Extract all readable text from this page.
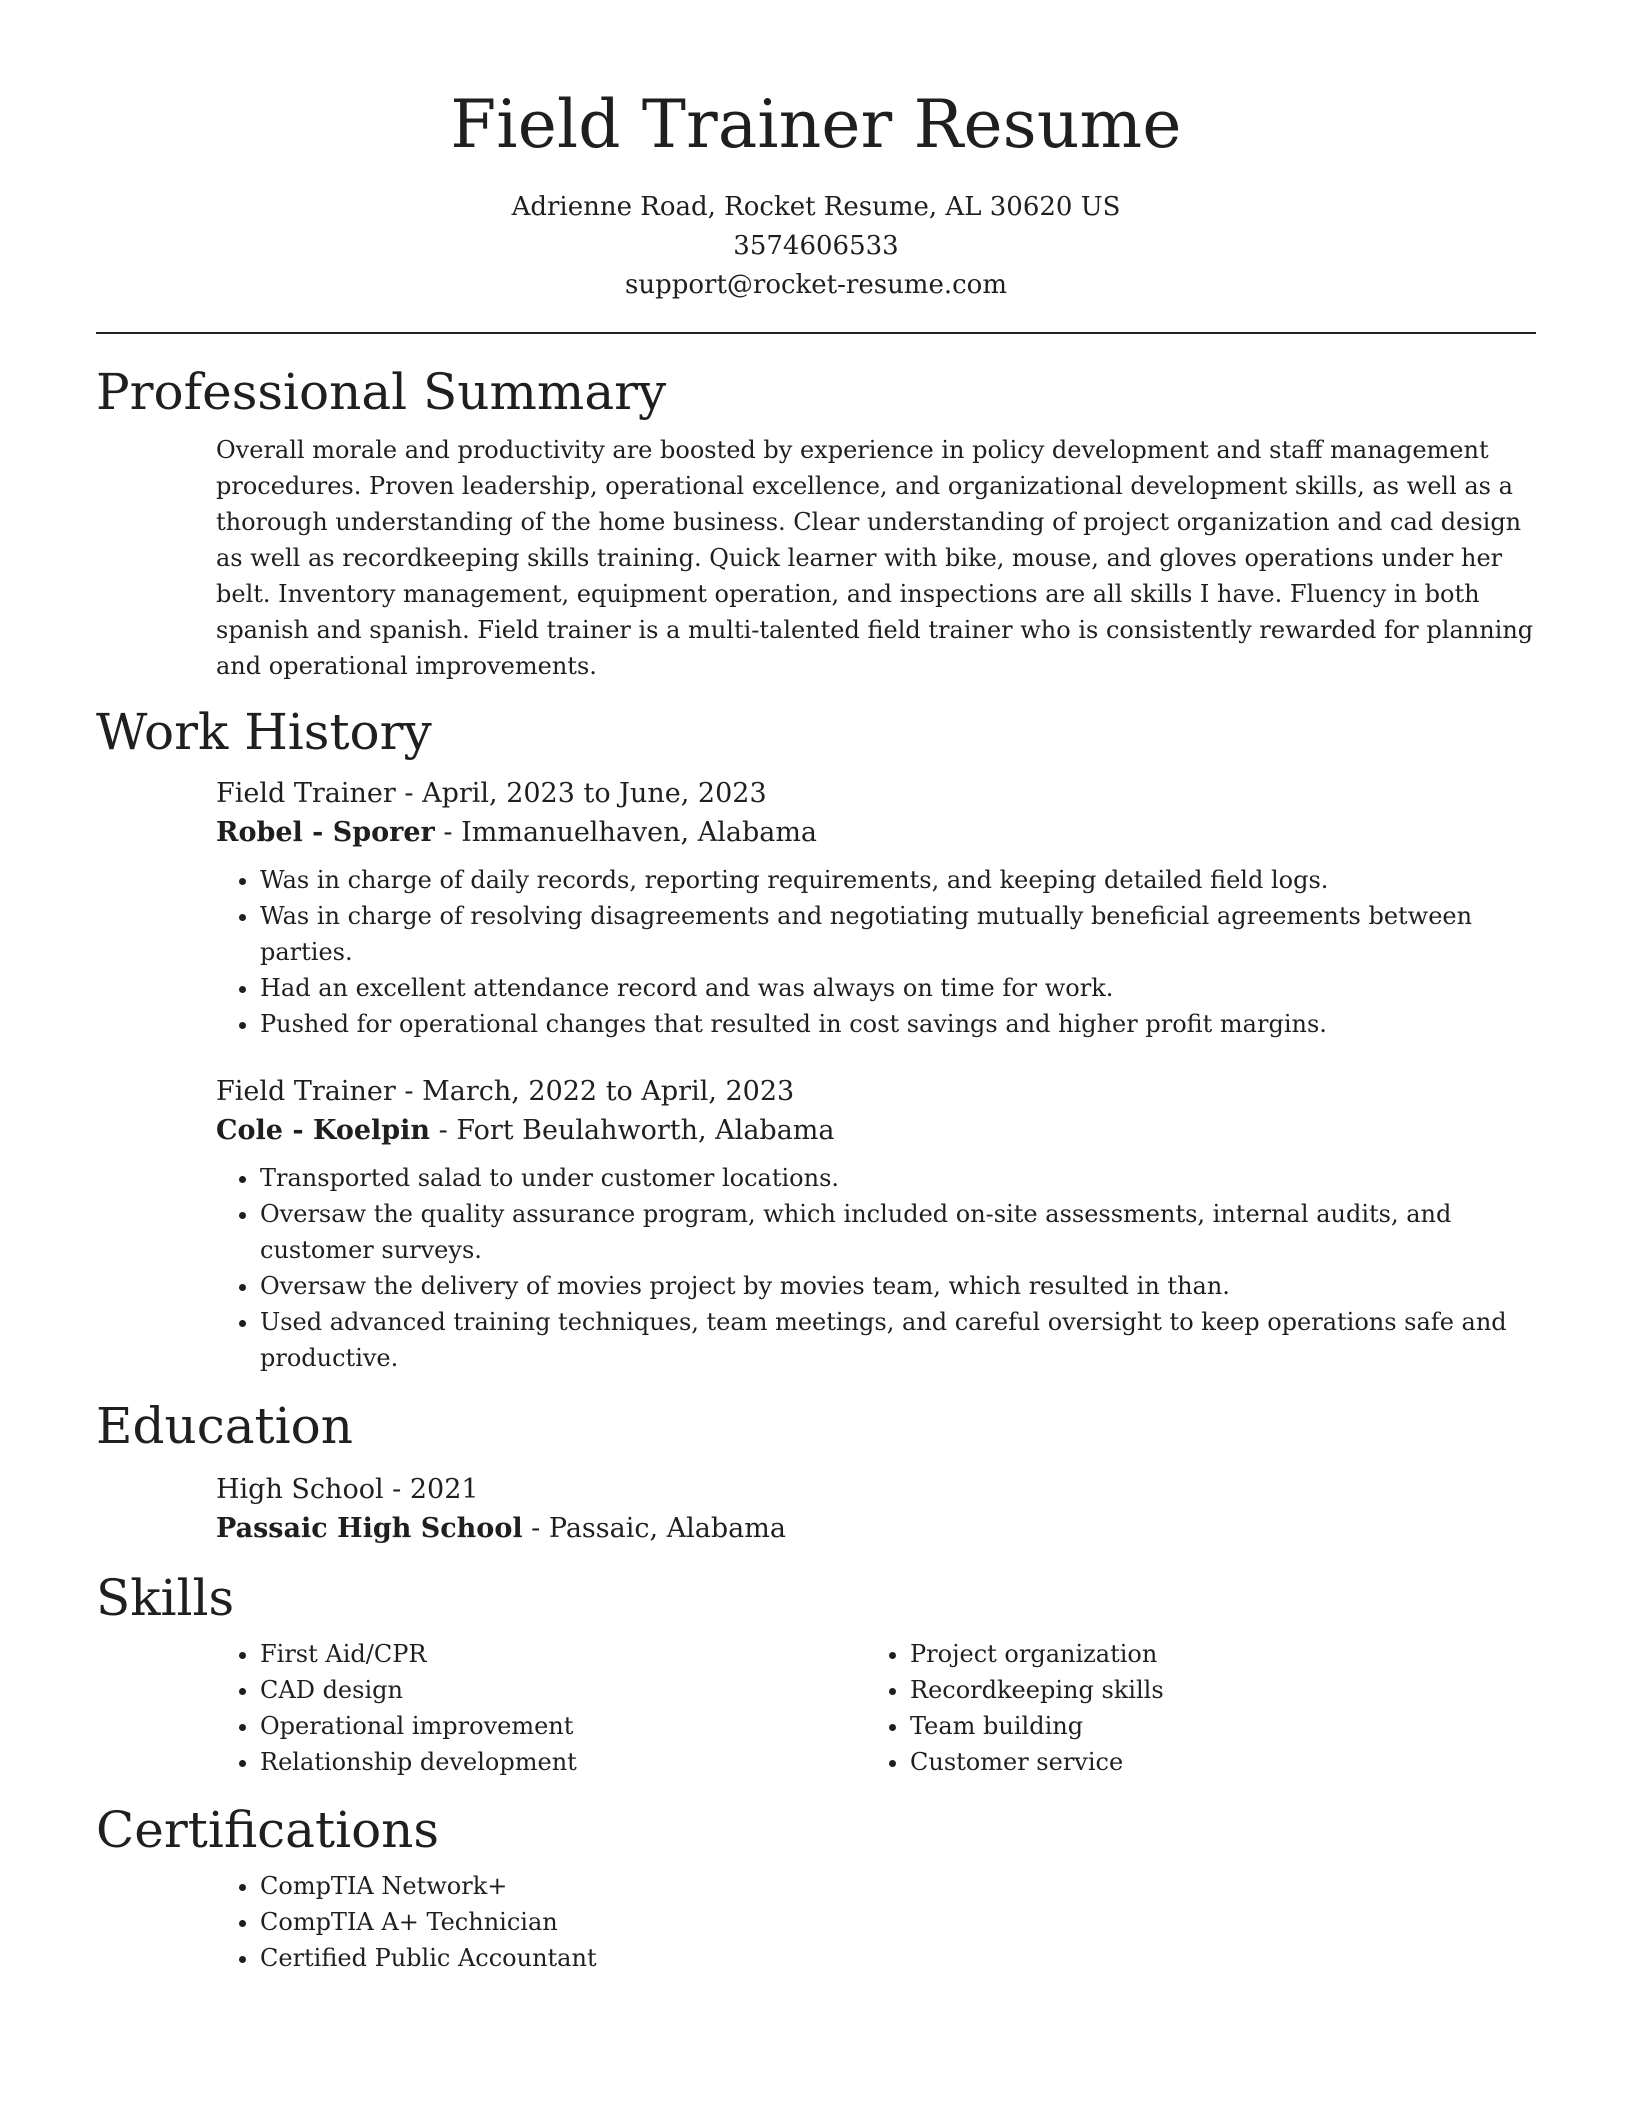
Field Trainer Resume
Adrienne Road, Rocket Resume, AL 30620 US
3574606533
support@rocket-resume.com
Professional Summary
Overall morale and productivity are boosted by experience in policy development and staff management procedures. Proven leadership, operational excellence, and organizational development skills, as well as a thorough understanding of the home business. Clear understanding of project organization and cad design as well as recordkeeping skills training. Quick learner with bike, mouse, and gloves operations under her belt. Inventory management, equipment operation, and inspections are all skills I have. Fluency in both spanish and spanish. Field trainer is a multi-talented field trainer who is consistently rewarded for planning and operational improvements.
Work History
Field Trainer - April, 2023 to June, 2023
Robel - Sporer - Immanuelhaven, Alabama
• Was in charge of daily records, reporting requirements, and keeping detailed field logs.
• Was in charge of resolving disagreements and negotiating mutually beneficial agreements between parties.
• Had an excellent attendance record and was always on time for work.
• Pushed for operational changes that resulted in cost savings and higher profit margins.
Field Trainer - March, 2022 to April, 2023
Cole - Koelpin - Fort Beulahworth, Alabama
• Transported salad to under customer locations.
• Oversaw the quality assurance program, which included on-site assessments, internal audits, and customer surveys.
• Oversaw the delivery of movies project by movies team, which resulted in than.
• Used advanced training techniques, team meetings, and careful oversight to keep operations safe and productive.
Education
High School - 2021
Passaic High School - Passaic, Alabama
Skills
• First Aid/CPR
• CAD design
• Operational improvement
• Relationship development
• Project organization
• Recordkeeping skills
• Team building
• Customer service
Certifications
• CompTIA Network+
• CompTIA A+ Technician
• Certified Public Accountant
